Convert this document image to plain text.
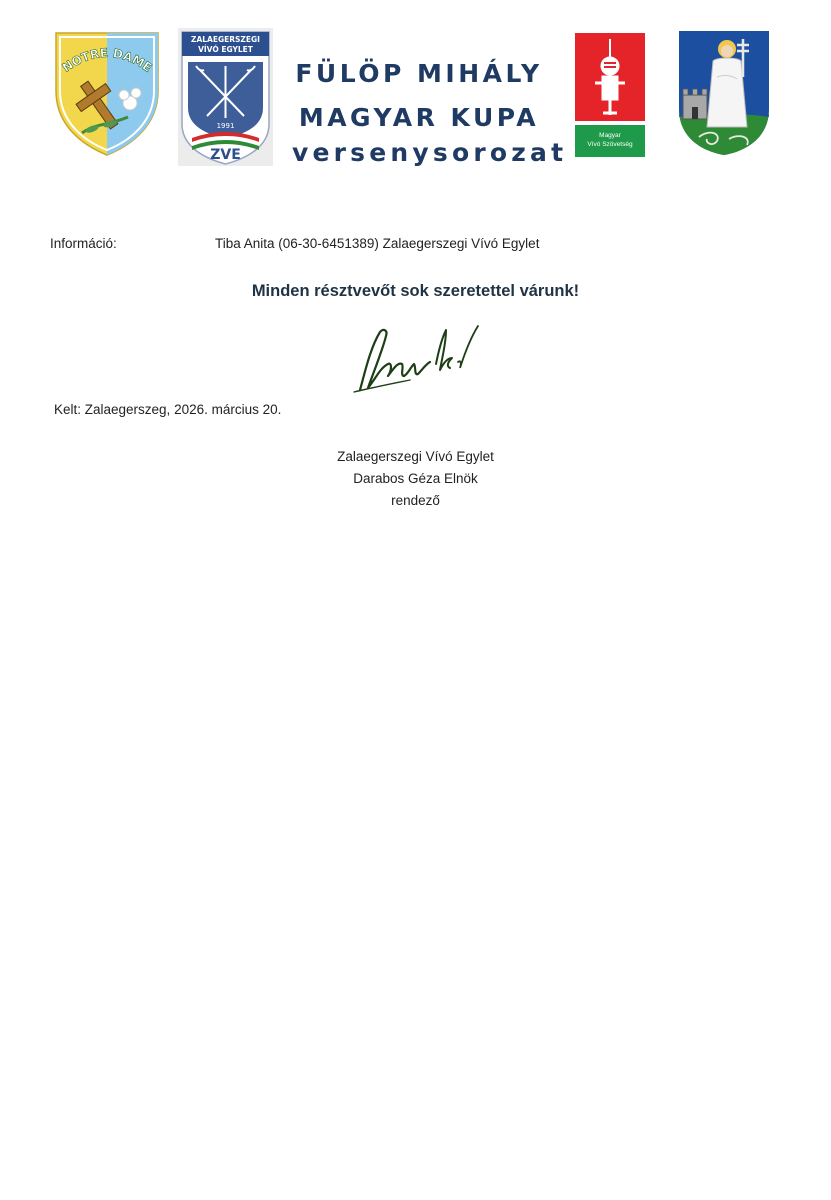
NOTRE DAME
ZALAEGERSZEGI
VÍVÓ EGYLET
1991
ZVE
FÜLÖP MIHÁLY
MAGYAR KUPA
versenysorozat
Magyar
Vívó Szövetség
Információ:	Tiba Anita (06-30-6451389) Zalaegerszegi Vívó Egylet
Minden résztvevőt sok szeretettel várunk!
Kelt: Zalaegerszeg, 2026. március 20.
Zalaegerszegi Vívó Egylet
Darabos Géza Elnök
rendező
